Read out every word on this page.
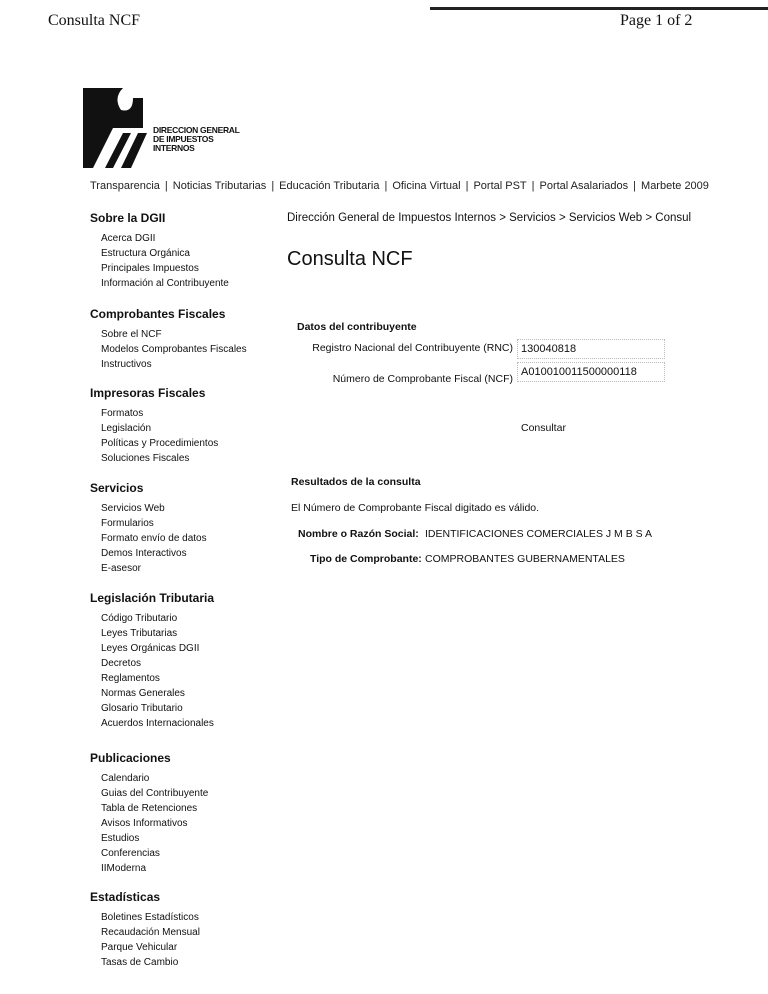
Consulta NCF	Page 1 of 2
DIRECCION GENERAL
DE IMPUESTOS
INTERNOS
Transparencia | Noticias Tributarias | Educación Tributaria | Oficina Virtual | Portal PST | Portal Asalariados | Marbete 2009
Sobre la DGII
Acerca DGII
Estructura Orgánica
Principales Impuestos
Información al Contribuyente
Comprobantes Fiscales
Sobre el NCF
Modelos Comprobantes Fiscales
Instructivos
Impresoras Fiscales
Formatos
Legislación
Políticas y Procedimientos
Soluciones Fiscales
Servicios
Servicios Web
Formularios
Formato envío de datos
Demos Interactivos
E-asesor
Legislación Tributaria
Código Tributario
Leyes Tributarias
Leyes Orgánicas DGII
Decretos
Reglamentos
Normas Generales
Glosario Tributario
Acuerdos Internacionales
Publicaciones
Calendario
Guias del Contribuyente
Tabla de Retenciones
Avisos Informativos
Estudios
Conferencias
IIModerna
Estadísticas
Boletines Estadísticos
Recaudación Mensual
Parque Vehicular
Tasas de Cambio
Dirección General de Impuestos Internos > Servicios > Servicios Web > Consul
Consulta NCF
Datos del contribuyente
Registro Nacional del Contribuyente (RNC) 130040818
Número de Comprobante Fiscal (NCF)
A010010011500000118
Consultar
Resultados de la consulta
El Número de Comprobante Fiscal digitado es válido.
Nombre o Razón Social: IDENTIFICACIONES COMERCIALES J M B S A
Tipo de Comprobante: COMPROBANTES GUBERNAMENTALES
